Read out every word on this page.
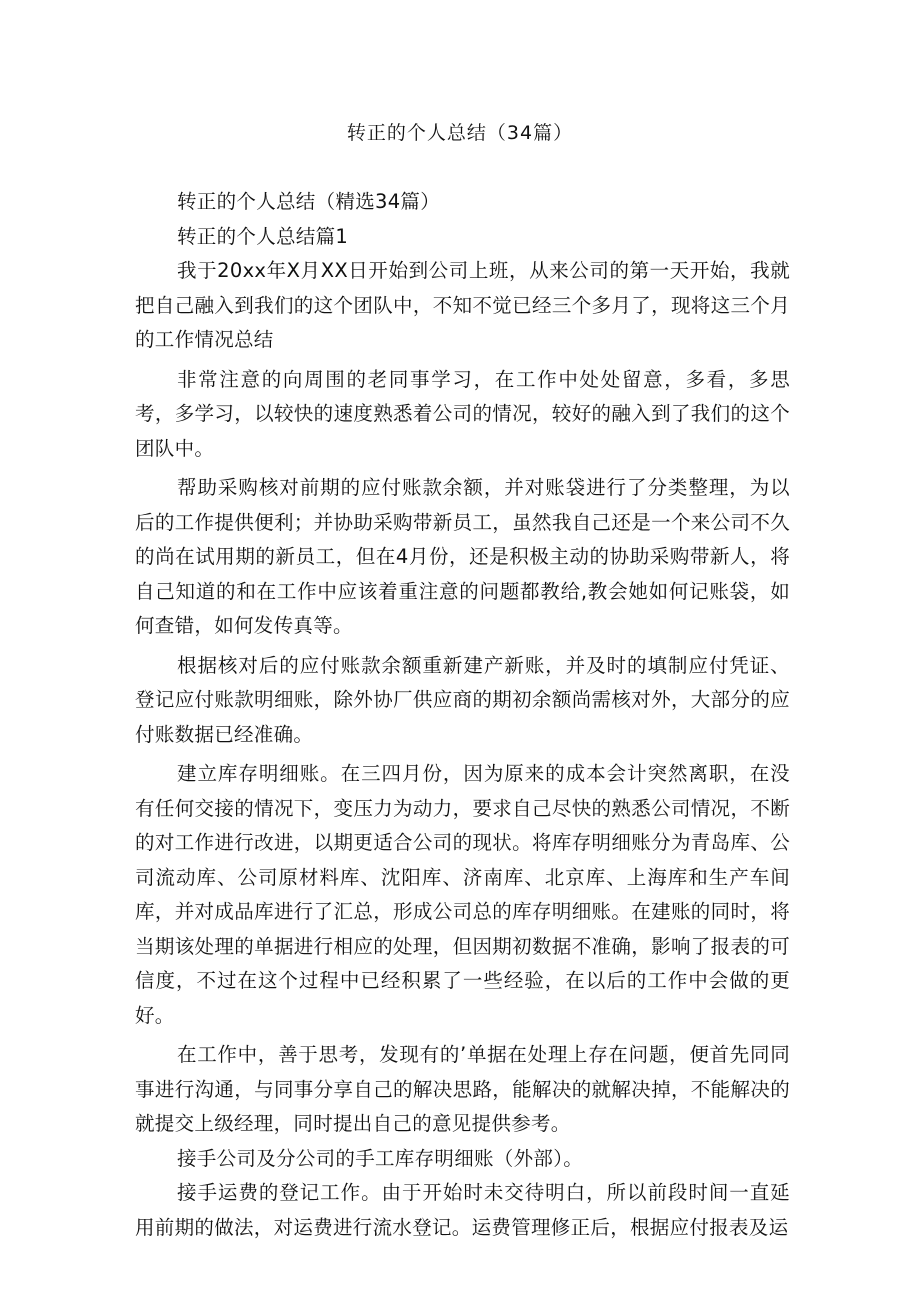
转正的个人总结（34篇）

转正的个人总结（精选34篇）

转正的个人总结篇1

我于20xx年X月XX日开始到公司上班，从来公司的第一天开始，我就把自己融入到我们的这个团队中，不知不觉已经三个多月了，现将这三个月的工作情况总结

非常注意的向周围的老同事学习，在工作中处处留意，多看，多思考，多学习，以较快的速度熟悉着公司的情况，较好的融入到了我们的这个团队中。

帮助采购核对前期的应付账款余额，并对账袋进行了分类整理，为以后的工作提供便利；并协助采购带新员工，虽然我自己还是一个来公司不久的尚在试用期的新员工，但在4月份，还是积极主动的协助采购带新人，将自己知道的和在工作中应该着重注意的问题都教给,教会她如何记账袋，如何查错，如何发传真等。

根据核对后的应付账款余额重新建产新账，并及时的填制应付凭证、登记应付账款明细账，除外协厂供应商的期初余额尚需核对外，大部分的应付账数据已经准确。

建立库存明细账。在三四月份，因为原来的成本会计突然离职，在没有任何交接的情况下，变压力为动力，要求自己尽快的熟悉公司情况，不断的对工作进行改进，以期更适合公司的现状。将库存明细账分为青岛库、公司流动库、公司原材料库、沈阳库、济南库、北京库、上海库和生产车间库，并对成品库进行了汇总，形成公司总的库存明细账。在建账的同时，将当期该处理的单据进行相应的处理，但因期初数据不准确，影响了报表的可信度，不过在这个过程中已经积累了一些经验，在以后的工作中会做的更好。

在工作中，善于思考，发现有的’单据在处理上存在问题，便首先同同事进行沟通，与同事分享自己的解决思路，能解决的就解决掉，不能解决的就提交上级经理，同时提出自己的意见提供参考。

接手公司及分公司的手工库存明细账（外部）。

接手运费的登记工作。由于开始时未交待明白，所以前段时间一直延用前期的做法，对运费进行流水登记。运费管理修正后，根据应付报表及运
